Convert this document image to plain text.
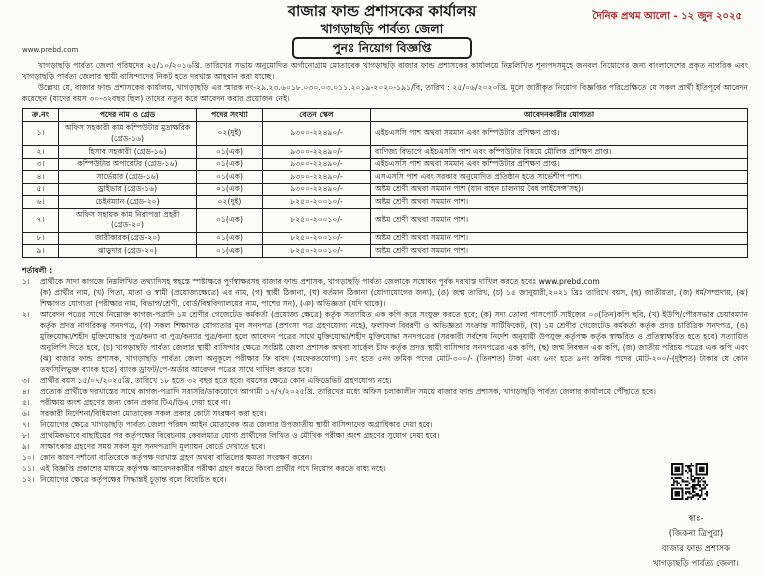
বাজার ফান্ড প্রশাসকের কার্যালয়
খাগড়াছড়ি পার্বত্য জেলা
দৈনিক প্রথম আলো - ১২ জুন ২০২৫
www.prebd.com	পুনঃ নিয়োগ বিজ্ঞপ্তি

খাগড়াছড়ি পার্বত্য জেলা পরিষদের ২৫/১০/২০১৬খ্রি. তারিখের সভায় অনুমোদিত অর্গানোগ্রাম মোতাবেক খাগড়াছড়ি বাজার ফান্ড প্রশাসকের কার্যালয়ে নিম্নলিখিত শূন্যপদসমূহে জনবল নিয়োগের জন্য বাংলাদেশের প্রকৃত নাগরিক এবং খাগড়াছড়ি পার্বত্য জেলার স্থায়ী বাসিন্দাদের নিকট হতে দরখাস্ত আহবান করা যাচ্ছে।

উল্লেখ্য যে, বাজার ফান্ড প্রশাসকের কার্যালয়, খাগড়াছড়ি এর স্মারক নং-২৯.২৩.৬০১৮.০৩০.০৩.০১১.২০১৯-২০২০-১৯১/বি, তারিখ : ২৫/০৬/২০২০খ্রি. মূলে জারীকৃত নিয়োগ বিজ্ঞপ্তির পরিপ্রেক্ষিতে যে সকল প্রার্থী ইতিপূর্বে আবেদন করেছেন (যাদের বয়স ৩০-৩২বছর ছিল) তাদের নতুন করে আবেদন করার প্রয়োজন নেই।

ক্র.নং	পদের নাম ও গ্রেড	পদের সংখ্যা	বেতন স্কেল	আবেদনকারীর যোগ্যতা

১।	অফিস সহকারী কাম কম্পিউটার মুদ্রাক্ষরিক (গ্রেড-১৬)	০২(দুই)	৯৩০০-২২৪৯০/-	এইচএসসি পাশ অথবা সমমান এবং কম্পিউটার প্রশিক্ষণ প্রাপ্ত।

২।	হিসাব সহকারী (গ্রেড-১৬)	০১(এক)	৯৩০০-২২৪৯০/-	বাণিজ্য বিভাগে এইচএসসি পাশ এবং কম্পিউটার বিষয়ে মৌলিক প্রশিক্ষণ প্রাপ্ত।

৩।	কম্পিউটার অপারেটর (গ্রেড-১৬)	০১(এক)	৯৩০০-২২৪৯০/-	এইচএসসি পাশ অথবা সমমান এবং কম্পিউটার প্রশিক্ষণ প্রাপ্ত।

৪।	সার্ভেয়ার (গ্রেড-১৬)	০১(এক)	৯৩০০-২২৪৯০/-	এসএসসি পাশ এবং সরকার অনুমোদিত প্রতিষ্ঠান হতে সার্ভেশীপ পাশ।

৫।	ড্রাইভার (গ্রেড-১৬)	০১(এক)	৯৩০০-২২৪৯০/-	অষ্টম শ্রেণী অথবা সমমান পাশ (যান বাহন চালনায় বৈধ লাইসেন্স'সহ)।

৬।	চেইনম্যান (গ্রেড-২০)	০২(দুই)	৮২৫০-২০০১০/-	অষ্টম শ্রেণী অথবা সমমান পাশ।

৭।	অফিস সহায়ক কাম নিরাপত্তা প্রহরী (গ্রেড-২০)	০১(এক)	৮২৫০-২০০১০/-	অষ্টম শ্রেণী অথবা সমমান পাশ।

৮।	জারীকারক(গ্রেড-২০)	০১(এক)	৮২৫০-২০০১০/-	অষ্টম শ্রেণী অথবা সমমান পাশ।

৯।	ঝাড়ুদার (গ্রেড-২০)	০১(এক)	৮২৫০-২০০১০/-	অষ্টম শ্রেণী অথবা সমমান পাশ।
শর্তাবলী :
১।	প্রার্থীকে সাদা কাগজে নিম্নলিখিত তথ্যাদিসহ স্বহস্তে স্পষ্টাক্ষরে পূর্ণস্বাক্ষরসহ বাজার ফান্ড প্রশাসক, খাগড়াছড়ি পার্বত্য জেলাকে সম্বোধন পূর্বক দরখাস্ত দাখিল করতে হবেঃ www.prebd.com
(ক) প্রার্থীর নাম, (খ) পিতা, মাতা ও স্বামী (প্রযোজ্যক্ষেত্রে) এর নাম, (গ) স্থায়ী ঠিকানা, (ঘ) বর্তমান ঠিকানা (যোগাযোগের জন্য), (ঙ) জন্ম তারিখ, (চ) ১৫ জানুয়ারী,২০২১ খ্রিঃ তারিখে বয়স, (ছ) জাতীয়তা, (জ) ধর্ম/সম্প্রদায়, (ঝ) শিক্ষাগত যোগ্যতা (পরীক্ষার নাম, বিভাগ/শ্রেণী, বোর্ড/বিশ্ববিদ্যালয়ের নাম, পাশের সন), (ঞ) অভিজ্ঞতা (যদি থাকে)।
২।	আবেদন পত্রের সাথে নিম্নোক্ত কাগজ-পত্রাদি ১ম শ্রেণীর গেজেটেড কর্মকর্তা (প্রযোজ্য ক্ষেত্রে) কর্তৃক সত্যায়িত এক কপি করে সংযুক্ত করতে হবে; (ক) সদ্য তোলা পাসপোর্ট সাইজের ০৩(তিন)কপি ছবি, (খ) ইউপি/পৌরসভার চেয়ারম্যান কর্তৃক প্রদত্ত নাগরিকত্ব সনদপত্র, (গ) সকল শিক্ষাগত যোগ্যতার মূল সনদপত্র (প্রশংসা পত্র গ্রহণযোগ্য নহে), ফলাফল বিবরণী ও অভিজ্ঞতা সংক্রান্ত সার্টিফিকেট, (ঘ) ১ম শ্রেণীর গেজেটেড কর্মকর্তা কর্তৃক প্রদত্ত চারিত্রিক সনদপত্র, (ঙ) মুক্তিযোদ্ধা/শহীদ মুক্তিযোদ্ধার পুত্র/কন্যা বা পুত্র/কন্যার পুত্র/কন্যা হলে আবেদন পত্রের সাথে মুক্তিযোদ্ধা/শহীদ মুক্তিযোদ্ধা সনদপত্রের (সরকারী সর্বশেষ নির্দেশ অনুযায়ী উপযুক্ত কর্তৃপক্ষ কর্তৃক স্বাক্ষরিত ও প্রতিস্বাক্ষরিত হতে হবে) সত্যায়িত অনুলিপি দিতে হবে, (চ) খাগড়াছড়ি পার্বত্য জেলার স্থায়ী বাসিন্দার ক্ষেত্রে সংশ্লিষ্ট জেলা প্রশাসক অথবা সার্কেল চীফ কর্তৃক প্রদত্ত স্থায়ী বাসিন্দার সনদপত্রের এক কপি, (ছ) জন্ম নিবন্ধন এক কপি, (জ) জাতীয় পরিচয় পত্রের এক কপি এবং (ঝ) বাজার ফান্ড প্রশাসক, খাগড়াছড়ি পার্বত্য জেলা অনুকূলে পরীক্ষার ফি বাবদ (অফেরতযোগ্য) ১নং হতে ৫নং ক্রমিক পদের মোট-৩০০/- (তিনশত) টাকা এবং ৬নং হতে ৯নং ক্রমিক পদের মোট-২০০/-(দুইশত) টাকার যে কোন তফসিলিভুক্ত ব্যাংক হতে) ব্যাংক ড্রাফট/পে-অর্ডার আবেদন পত্রের সাথে দাখিল করতে হবে।
৩।	প্রার্থীর বয়স ১৫/০৭/২০২৫খ্রি. তারিখে ১৮ হতে ৩২ বছর হতে হবে। বয়সের ক্ষেত্রে কোন এফিডেভিট গ্রহণযোগ্য নহে।
৪।	প্রত্যেক প্রার্থীকে দরখাস্তের সাথে কাগজ-পত্রাদি সরাসরি/ডাকযোগে আগামী ১৭/৭/২০২৫খ্রি. তারিখের মধ্যে অফিস চলাকালীন সময়ে বাজার ফান্ড প্রশাসক, খাগড়াছড়ি পার্বত্য জেলার কার্যালয়ে পৌঁছাতে হবে।
৫।	পরীক্ষায় অংশ গ্রহণের জন্য কোন প্রকার টিএ/ডিএ দেয়া হবে না।
৬।	সরকারী নির্দেশনা/বিধিমালা মোতাবেক সকল প্রকার কোটা সংরক্ষণ করা হবে।
৭।	নিয়োগের ক্ষেত্রে খাগড়াছড়ি পার্বত্য জেলা পরিষদ আইন মোতাবেক অত্র জেলার উপজাতীয় স্থায়ী বাসিন্দাদের অগ্রাধিকার দেয়া হবে।
৮।	প্রাথমিকভাবে বাছাইয়ের পর কর্তৃপক্ষের বিবেচনায় কেবলমাত্র যোগ্য প্রার্থীদের লিখিত ও মৌখিক পরীক্ষা অংশ গ্রহণের সুযোগ দেয়া হবে।
৯।	সাক্ষাৎকার গ্রহণের সময় সকল মূল সনদপত্রাদি মূল্যায়ন বোর্ডে দেখাতে হবে।
১০। কোন কারণ দর্শানো ব্যতিরেকে কর্তৃপক্ষ দরখাস্ত গ্রহণ অথবা বাতিলের ক্ষমতা সংরক্ষণ করেন।
১১। এই বিজ্ঞপ্তি প্রকাশের মাধ্যমে কর্তৃপক্ষ আবেদনকারীর পরীক্ষা গ্রহণ করতে কিংবা প্রার্থীর পদে নিয়োগ করতে বাধ্য নহে।
১২। নিয়োগের ক্ষেত্রে কর্তৃপক্ষের সিদ্ধান্তই চূড়ান্ত বলে বিবেচিত হবে।
স্বাঃ-
(জিকনা ত্রিপুরা)
বাজার ফান্ড প্রশাসক
খাগড়াছড়ি পার্বত্য জেলা।
